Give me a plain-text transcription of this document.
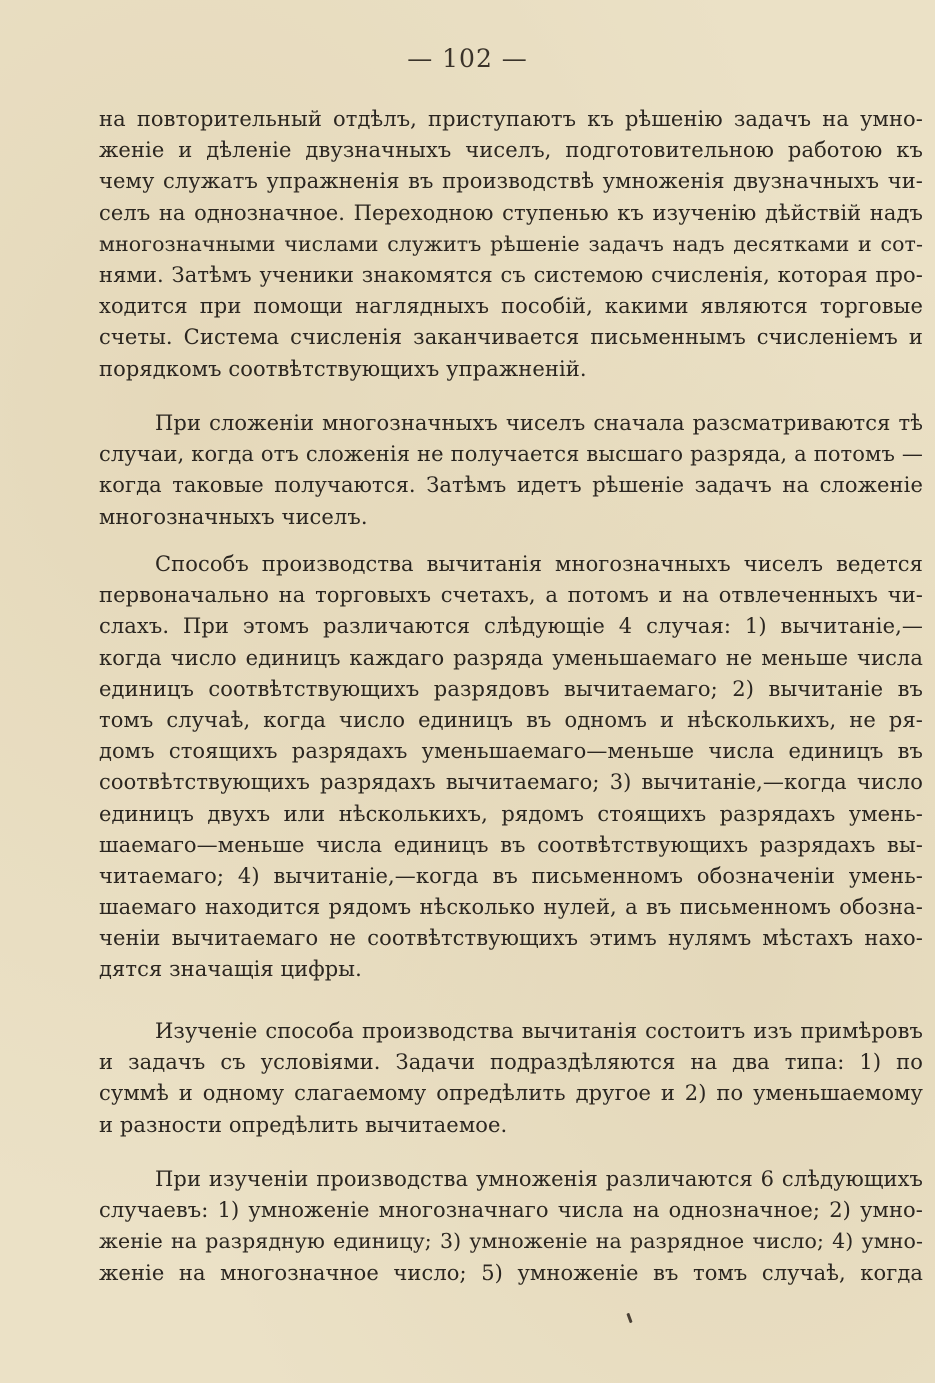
— 102 —
на повторительный отдѣлъ, приступаютъ къ рѣшенію задачъ на умно-
женіе и дѣленіе двузначныхъ чиселъ, подготовительною работою къ
чему служатъ упражненія въ производствѣ умноженія двузначныхъ чи-
селъ на однозначное. Переходною ступенью къ изученію дѣйствій надъ
многозначными числами служитъ рѣшеніе задачъ надъ десятками и сот-
нями. Затѣмъ ученики знакомятся съ системою счисленія, которая про-
ходится при помощи наглядныхъ пособій, какими являются торговые
счеты. Система счисленія заканчивается письменнымъ счисленіемъ и
порядкомъ соотвѣтствующихъ упражненій.
При сложеніи многозначныхъ чиселъ сначала разсматриваются тѣ
случаи, когда отъ сложенія не получается высшаго разряда, а потомъ —
когда таковые получаются. Затѣмъ идетъ рѣшеніе задачъ на сложеніе
многозначныхъ чиселъ.
Способъ производства вычитанія многозначныхъ чиселъ ведется
первоначально на торговыхъ счетахъ, а потомъ и на отвлеченныхъ чи-
слахъ. При этомъ различаются слѣдующіе 4 случая: 1) вычитаніе,—
когда число единицъ каждаго разряда уменьшаемаго не меньше числа
единицъ соотвѣтствующихъ разрядовъ вычитаемаго; 2) вычитаніе въ
томъ случаѣ, когда число единицъ въ одномъ и нѣсколькихъ, не ря-
домъ стоящихъ разрядахъ уменьшаемаго—меньше числа единицъ въ
соотвѣтствующихъ разрядахъ вычитаемаго; 3) вычитаніе,—когда число
единицъ двухъ или нѣсколькихъ, рядомъ стоящихъ разрядахъ умень-
шаемаго—меньше числа единицъ въ соотвѣтствующихъ разрядахъ вы-
читаемаго; 4) вычитаніе,—когда въ письменномъ обозначеніи умень-
шаемаго находится рядомъ нѣсколько нулей, а въ письменномъ обозна-
ченіи вычитаемаго не соотвѣтствующихъ этимъ нулямъ мѣстахъ нахо-
дятся значащія цифры.
Изученіе способа производства вычитанія состоитъ изъ примѣровъ
и задачъ съ условіями. Задачи подраздѣляются на два типа: 1) по
суммѣ и одному слагаемому опредѣлить другое и 2) по уменьшаемому
и разности опредѣлить вычитаемое.
При изученіи производства умноженія различаются 6 слѣдующихъ
случаевъ: 1) умноженіе многозначнаго числа на однозначное; 2) умно-
женіе на разрядную единицу; 3) умноженіе на разрядное число; 4) умно-
женіе на многозначное число; 5) умноженіе въ томъ случаѣ, когда
